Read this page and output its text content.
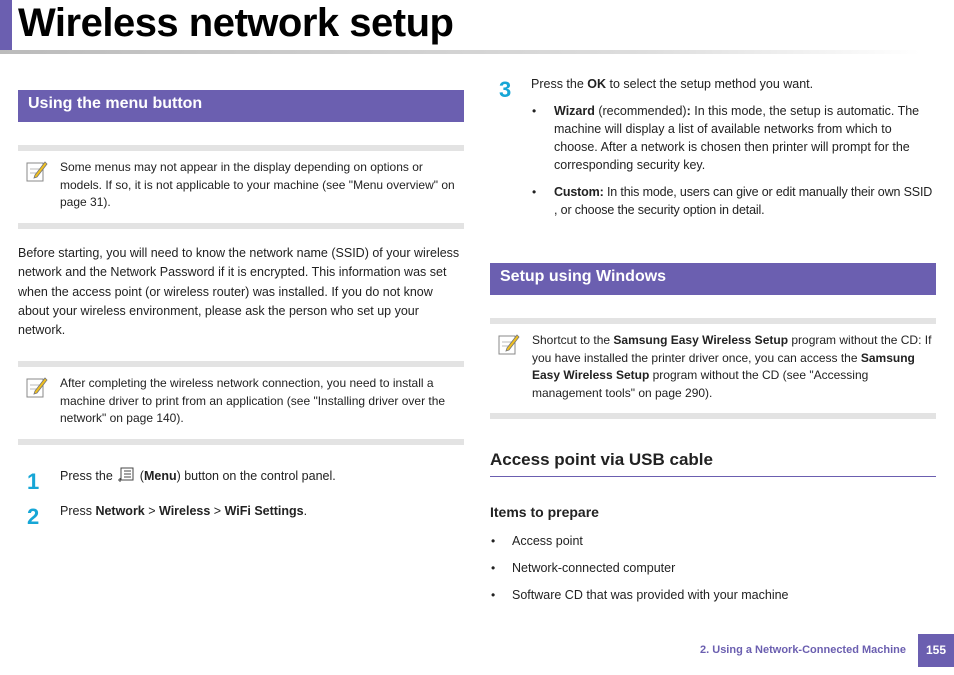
Wireless network setup
Using the menu button
Some menus may not appear in the display depending on options or
models. If so, it is not applicable to your machine (see "Menu overview" on
page 31).
Before starting, you will need to know the network name (SSID) of your wireless
network and the Network Password if it is encrypted. This information was set
when the access point (or wireless router) was installed. If you do not know
about your wireless environment, please ask the person who set up your
network.
After completing the wireless network connection, you need to install a
machine driver to print from an application (see "Installing driver over the
network" on page 140).
1 Press the (Menu) button on the control panel.
2 Press Network > Wireless > WiFi Settings.
3 Press the OK to select the setup method you want.
• Wizard (recommended): In this mode, the setup is automatic. The
machine will display a list of available networks from which to
choose. After a network is chosen then printer will prompt for the
corresponding security key.
• Custom: In this mode, users can give or edit manually their own SSID
, or choose the security option in detail.
Setup using Windows
Shortcut to the Samsung Easy Wireless Setup program without the CD: If
you have installed the printer driver once, you can access the Samsung
Easy Wireless Setup program without the CD (see "Accessing
management tools" on page 290).
Access point via USB cable
Items to prepare
• Access point
• Network-connected computer
• Software CD that was provided with your machine
2. Using a Network-Connected Machine	155
